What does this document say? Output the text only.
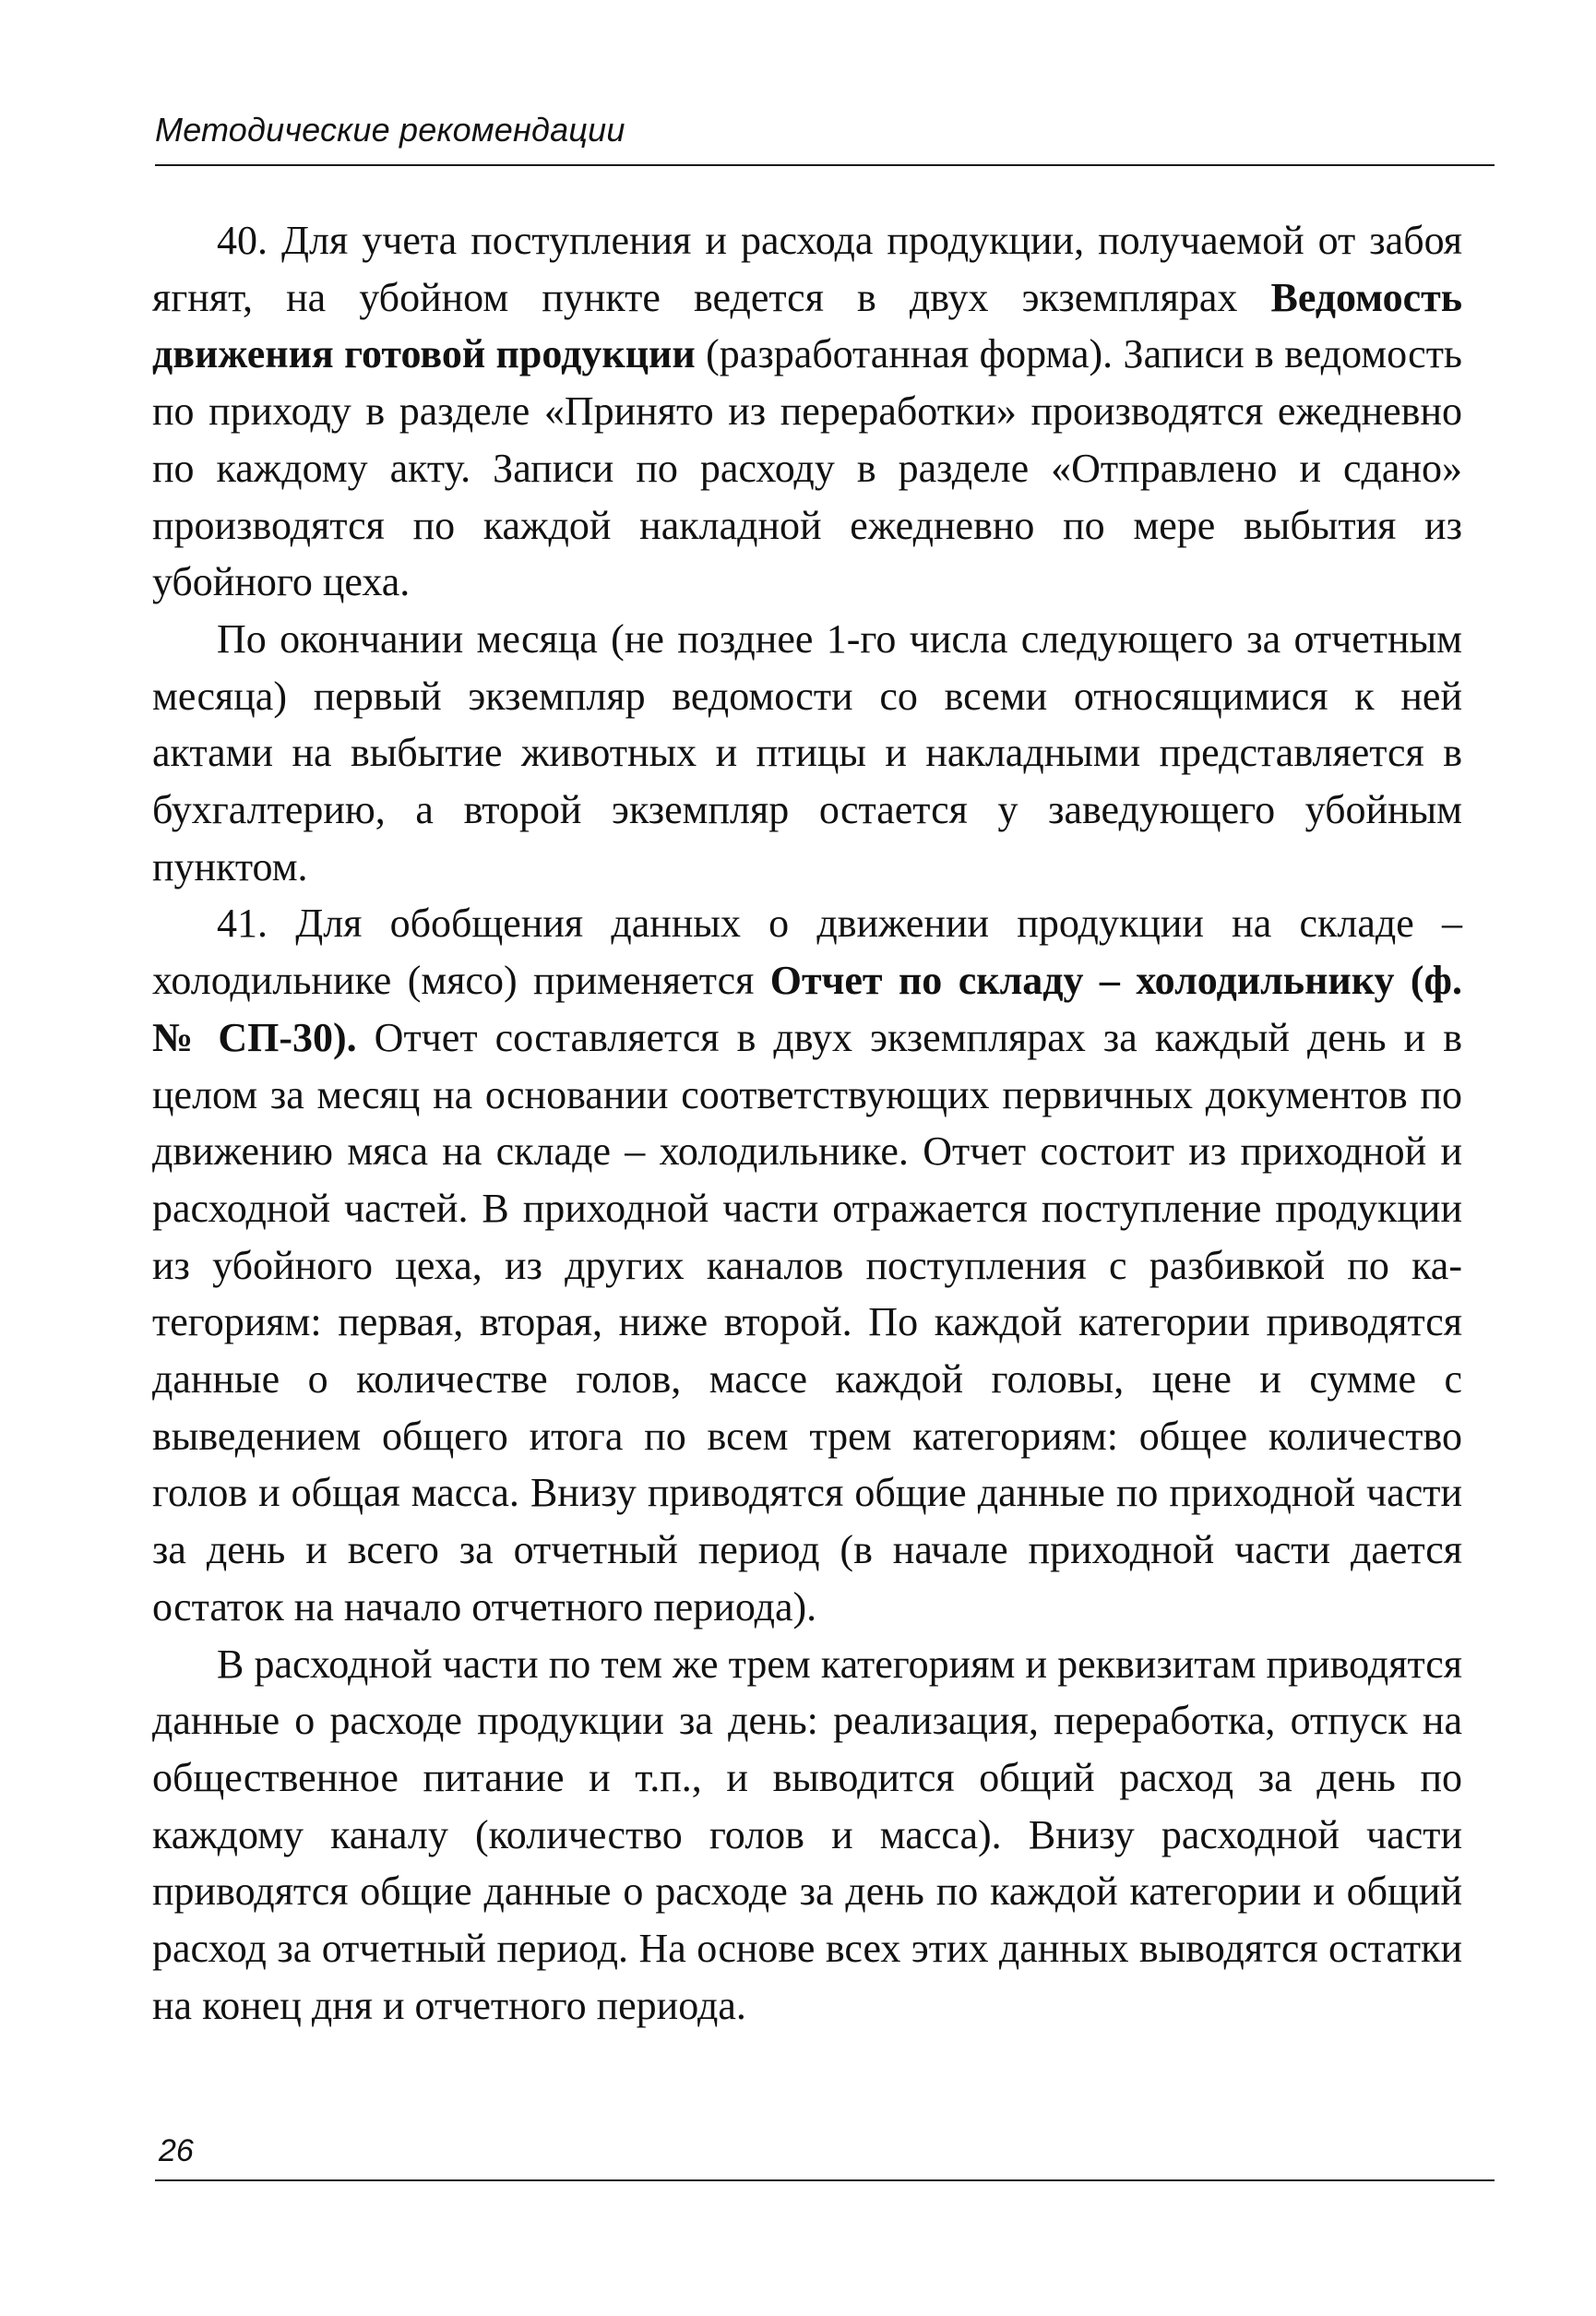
Методические рекомендации

40. Для учета поступления и расхода продукции, получаемой от забоя ягнят, на убойном пункте ведется в двух экземплярах Ведомость движения готовой продукции (разработанная форма). Записи в ведомость по приходу в разделе «Принято из переработки» производятся ежедневно по каждому акту. Записи по расходу в разделе «Отправлено и сдано» производятся по каждой накладной ежедневно по мере выбытия из убойного цеха.

По окончании месяца (не позднее 1-го числа следующего за отчетным месяца) первый экземпляр ведомости со всеми относящимися к ней актами на выбытие животных и птицы и накладными представляется в бухгалтерию, а второй экземпляр остается у заведующего убойным пунктом.

41. Для обобщения данных о движении продукции на складе – холодильнике (мясо) применяется Отчет по складу – холодильнику (ф. № СП-30). Отчет составляется в двух экземплярах за каждый день и в целом за месяц на основании соответствующих первичных документов по движению мяса на складе – холодильнике. Отчет состоит из приходной и расходной частей. В приходной части отражается поступление продукции из убойного цеха, из других каналов поступления с разбивкой по категориям: первая, вторая, ниже второй. По каждой категории приводятся данные о количестве голов, массе каждой головы, цене и сумме с выведением общего итога по всем трем категориям: общее количество голов и общая масса. Внизу приводятся общие данные по приходной части за день и всего за отчетный период (в начале приходной части дается остаток на начало отчетного периода).

В расходной части по тем же трем категориям и реквизитам приводятся данные о расходе продукции за день: реализация, переработка, отпуск на общественное питание и т.п., и выводится общий расход за день по каждому каналу (количество голов и масса). Внизу расходной части приводятся общие данные о расходе за день по каждой категории и общий расход за отчетный период. На основе всех этих данных выводятся остатки на конец дня и отчетного периода.

26
